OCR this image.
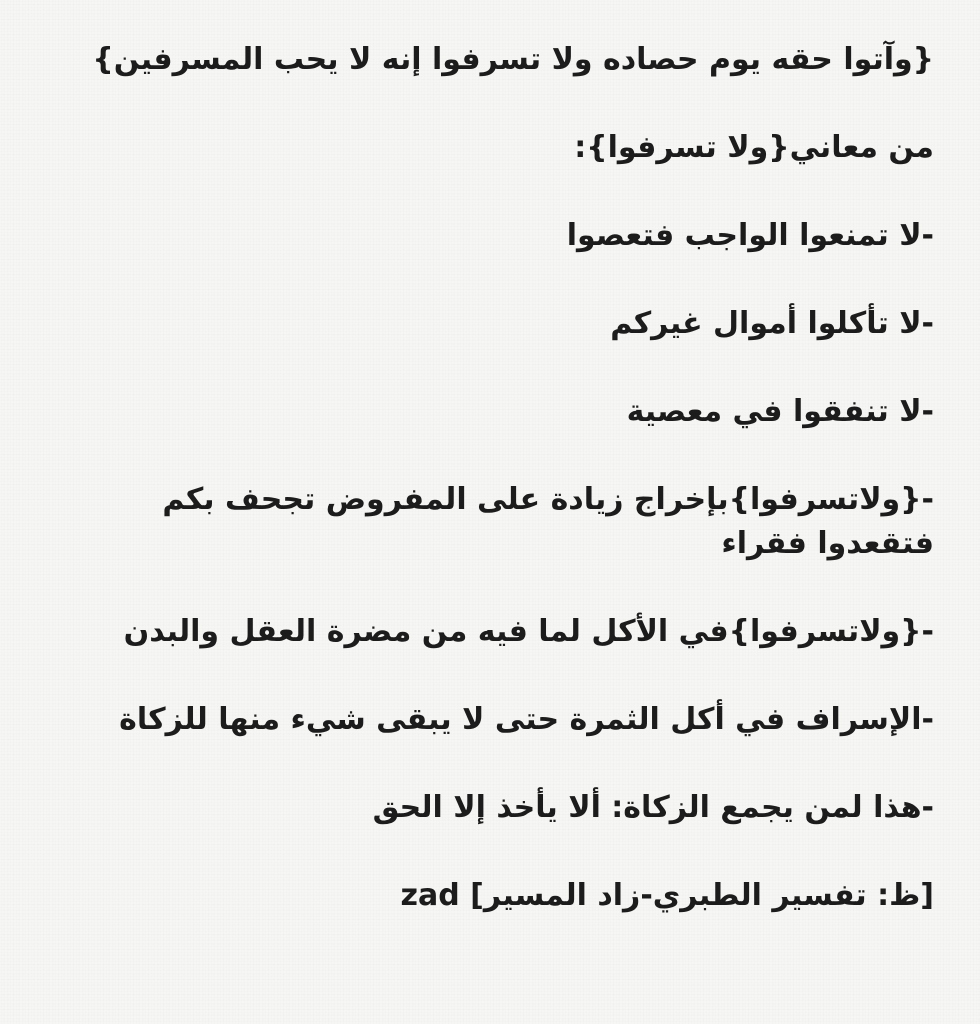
{وآتوا حقه يوم حصاده ولا تسرفوا إنه لا يحب المسرفين}

من معاني{ولا تسرفوا}:

-لا تمنعوا الواجب فتعصوا

-لا تأكلوا أموال غيركم

-لا تنفقوا في معصية

-{ولاتسرفوا}بإخراج زيادة على المفروض تجحف بكم فتقعدوا فقراء

-{ولاتسرفوا}في الأكل لما فيه من مضرة العقل والبدن

-الإسراف في أكل الثمرة حتى لا يبقى شيء منها للزكاة

-هذا لمن يجمع الزكاة: ألا يأخذ إلا الحق

[ظ: تفسير الطبري-زاد المسير] zad
